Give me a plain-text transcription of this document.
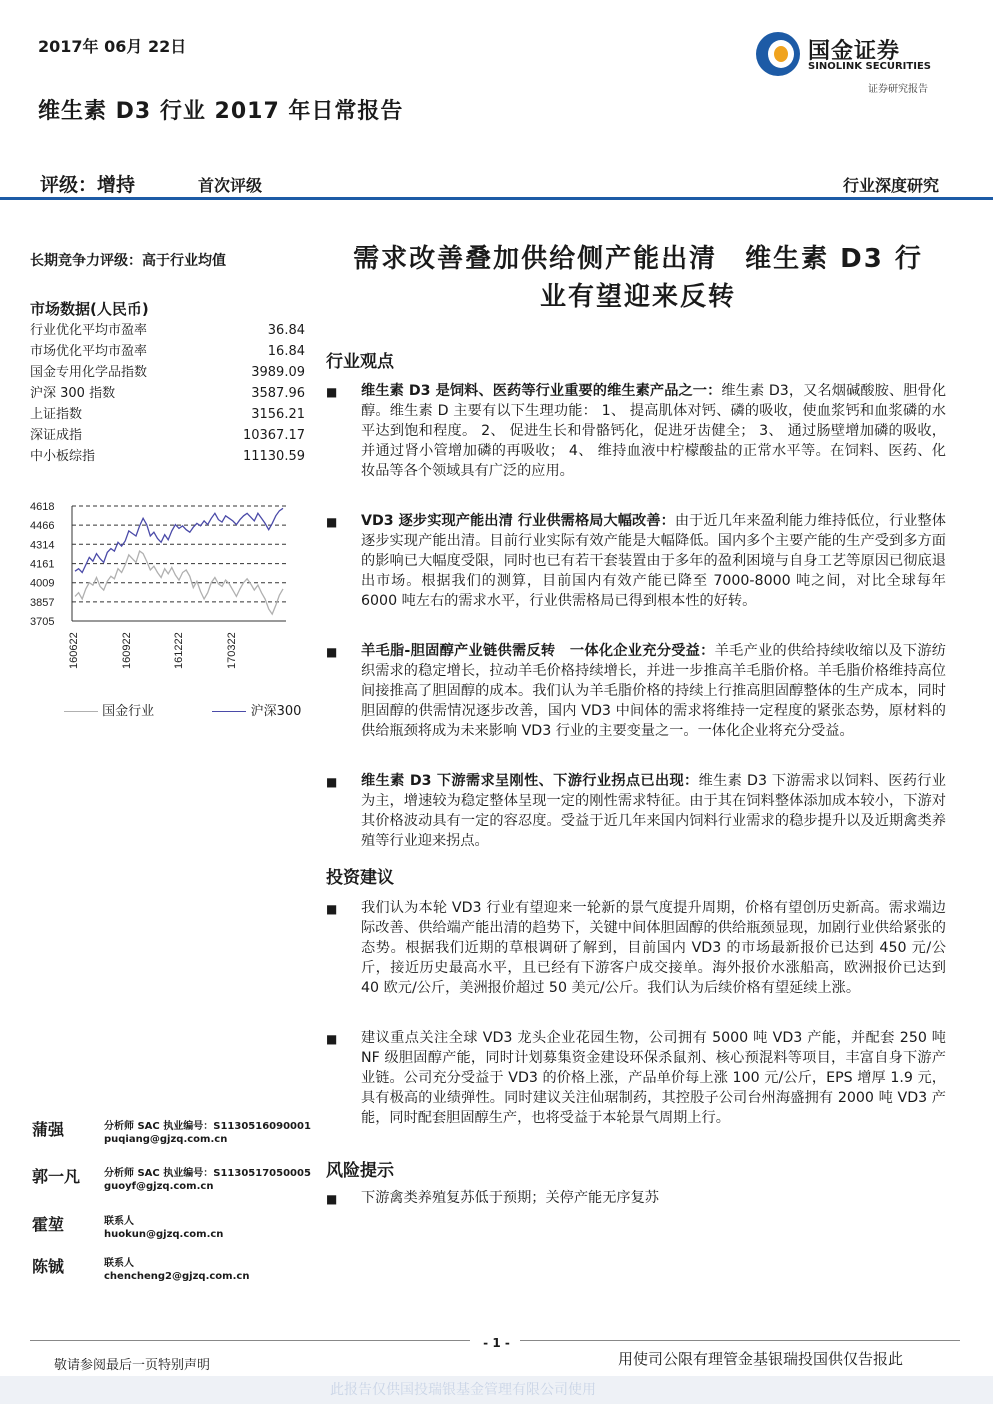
2017年 06月 22日	国金证券
SINOLINK SECURITIES
证券研究报告
维生素 D3 行业 2017 年日常报告
评级：增持	首次评级	行业深度研究
长期竞争力评级：高于行业均值
市场数据(人民币)
行业优化平均市盈率	36.84
市场优化平均市盈率	16.84
国金专用化学品指数	3989.09
沪深 300 指数	3587.96
上证指数	3156.21
深证成指	10367.17
中小板综指	11130.59
4618
4466
4314
4161
4009
3857
3705
160622	160922	161222	170322
国金行业	沪深300
需求改善叠加供给侧产能出清　维生素 D3 行
业有望迎来反转
行业观点
■ 维生素 D3 是饲料、医药等行业重要的维生素产品之一：维生素 D3，又名烟碱酸胺、胆骨化醇。维生素 D 主要有以下生理功能： 1、 提高肌体对钙、磷的吸收，使血浆钙和血浆磷的水平达到饱和程度。 2、 促进生长和骨骼钙化，促进牙齿健全； 3、 通过肠壁增加磷的吸收，并通过肾小管增加磷的再吸收； 4、 维持血液中柠檬酸盐的正常水平等。在饲料、医药、化妆品等各个领域具有广泛的应用。
■ VD3 逐步实现产能出清 行业供需格局大幅改善：由于近几年来盈利能力维持低位，行业整体逐步实现产能出清。目前行业实际有效产能是大幅降低。国内多个主要产能的生产受到多方面的影响已大幅度受限，同时也已有若干套装置由于多年的盈利困境与自身工艺等原因已彻底退出市场。根据我们的测算，目前国内有效产能已降至 7000-8000 吨之间，对比全球每年 6000 吨左右的需求水平，行业供需格局已得到根本性的好转。
■ 羊毛脂-胆固醇产业链供需反转　一体化企业充分受益：羊毛产业的供给持续收缩以及下游纺织需求的稳定增长，拉动羊毛价格持续增长，并进一步推高羊毛脂价格。羊毛脂价格维持高位间接推高了胆固醇的成本。我们认为羊毛脂价格的持续上行推高胆固醇整体的生产成本，同时胆固醇的供需情况逐步改善，国内 VD3 中间体的需求将维持一定程度的紧张态势，原材料的供给瓶颈将成为未来影响 VD3 行业的主要变量之一。一体化企业将充分受益。
■ 维生素 D3 下游需求呈刚性、下游行业拐点已出现：维生素 D3 下游需求以饲料、医药行业为主，增速较为稳定整体呈现一定的刚性需求特征。由于其在饲料整体添加成本较小，下游对其价格波动具有一定的容忍度。受益于近几年来国内饲料行业需求的稳步提升以及近期禽类养殖等行业迎来拐点。
投资建议
■ 我们认为本轮 VD3 行业有望迎来一轮新的景气度提升周期，价格有望创历史新高。需求端边际改善、供给端产能出清的趋势下，关键中间体胆固醇的供给瓶颈显现，加剧行业供给紧张的态势。根据我们近期的草根调研了解到，目前国内 VD3 的市场最新报价已达到 450 元/公斤，接近历史最高水平，且已经有下游客户成交接单。海外报价水涨船高，欧洲报价已达到 40 欧元/公斤，美洲报价超过 50 美元/公斤。我们认为后续价格有望延续上涨。
■ 建议重点关注全球 VD3 龙头企业花园生物，公司拥有 5000 吨 VD3 产能，并配套 250 吨 NF 级胆固醇产能，同时计划募集资金建设环保杀鼠剂、核心预混料等项目，丰富自身下游产业链。公司充分受益于 VD3 的价格上涨，产品单价每上涨 100 元/公斤，EPS 增厚 1.9 元，具有极高的业绩弹性。同时建议关注仙琚制药，其控股子公司台州海盛拥有 2000 吨 VD3 产能，同时配套胆固醇生产，也将受益于本轮景气周期上行。
风险提示
■ 下游禽类养殖复苏低于预期；关停产能无序复苏
蒲强	分析师 SAC 执业编号：S1130516090001
puqiang@gjzq.com.cn
郭一凡 分析师 SAC 执业编号：S1130517050005
guoyf@gjzq.com.cn
霍堃	联系人
huokun@gjzq.com.cn
陈铖	联系人
chencheng2@gjzq.com.cn
- 1 -
敬请参阅最后一页特别声明	用使司公限有理管金基银瑞投国供仅告报此
此报告仅供国投瑞银基金管理有限公司使用
